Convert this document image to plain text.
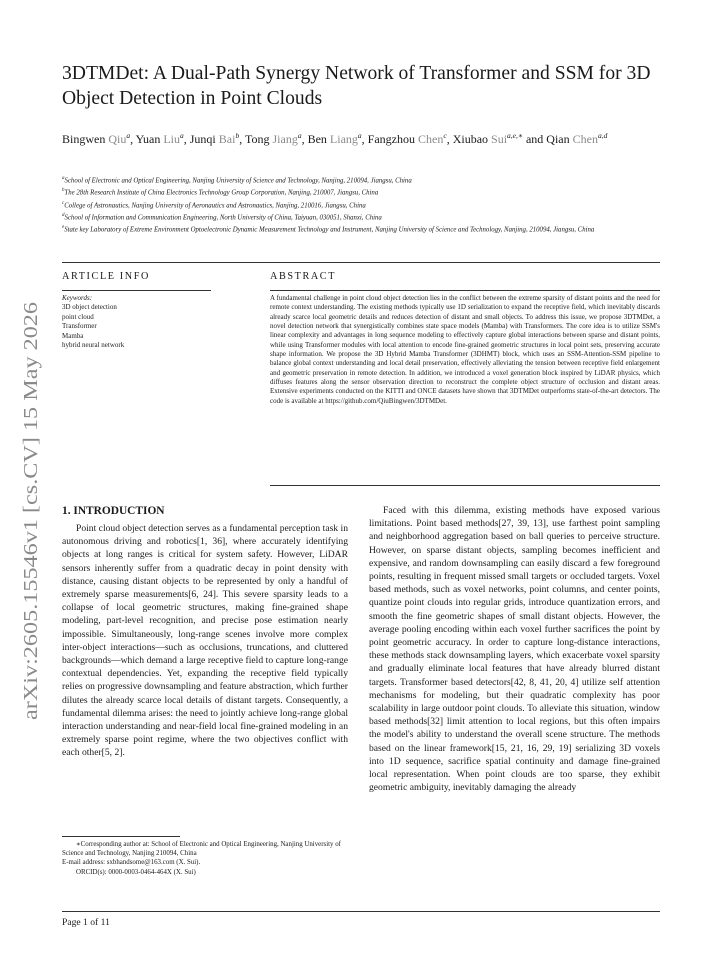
arXiv:2605.15546v1 [cs.CV] 15 May 2026
3DTMDet: A Dual-Path Synergy Network of Transformer and SSM for 3D Object Detection in Point Clouds
Bingwen Qiu$^a$, Yuan Liu$^a$, Junqi Bai$^b$, Tong Jiang$^a$, Ben Liang$^a$, Fangzhou Chen$^c$, Xiubao Sui$^{a,e,∗}$ and Qian Chen$^{a,d}$
$^a$School of Electronic and Optical Engineering, Nanjing University of Science and Technology, Nanjing, 210094, Jiangsu, China
$^b$The 28th Research Institute of China Electronics Technology Group Corporation, Nanjing, 210007, Jiangsu, China
$^c$College of Astronautics, Nanjing University of Aeronautics and Astronautics, Nanjing, 210016, Jiangsu, China
$^d$School of Information and Communication Engineering, North University of China, Taiyuan, 030051, Shanxi, China
$^e$State key Laboratory of Extreme Environment Optoelectronic Dynamic Measurement Technology and Instrument, Nanjing University of Science and Technology, Nanjing, 210094, Jiangsu, China
ARTICLE INFO	ABSTRACT
Keywords:
3D object detection
point cloud
Transformer
Mamba
hybrid neural network
A fundamental challenge in point cloud object detection lies in the conflict between the extreme sparsity of distant points and the need for remote context understanding. The existing methods typically use 1D serialization to expand the receptive field, which inevitably discards already scarce local geometric details and reduces detection of distant and small objects. To address this issue, we propose 3DTMDet, a novel detection network that synergistically combines state space models (Mamba) with Transformers. The core idea is to utilize SSM's linear complexity and advantages in long sequence modeling to effectively capture global interactions between sparse and distant points, while using Transformer modules with local attention to encode fine-grained geometric structures in local point sets, preserving accurate shape information. We propose the 3D Hybrid Mamba Transformer (3DHMT) block, which uses an SSM-Attention-SSM pipeline to balance global context understanding and local detail preservation, effectively alleviating the tension between receptive field enlargement and geometric preservation in remote detection. In addition, we introduced a voxel generation block inspired by LiDAR physics, which diffuses features along the sensor observation direction to reconstruct the complete object structure of occlusion and distant areas. Extensive experiments conducted on the KITTI and ONCE datasets have shown that 3DTMDet outperforms state-of-the-art detectors. The code is available at https://github.com/QiuBingwen/3DTMDet.
1. INTRODUCTION

Point cloud object detection serves as a fundamental perception task in autonomous driving and robotics[1, 36], where accurately identifying objects at long ranges is critical for system safety. However, LiDAR sensors inherently suffer from a quadratic decay in point density with distance, causing distant objects to be represented by only a handful of extremely sparse measurements[6, 24]. This severe sparsity leads to a collapse of local geometric structures, making fine-grained shape modeling, part-level recognition, and precise pose estimation nearly impossible. Simultaneously, long-range scenes involve more complex inter-object interactions—such as occlusions, truncations, and cluttered backgrounds—which demand a large receptive field to capture long-range contextual dependencies. Yet, expanding the receptive field typically relies on progressive downsampling and feature abstraction, which further dilutes the already scarce local details of distant targets. Consequently, a fundamental dilemma arises: the need to jointly achieve long-range global interaction understanding and near-field local fine-grained modeling in an extremely sparse point regime, where the two objectives conflict with each other[5, 2].

∗Corresponding author at: School of Electronic and Optical Engineering, Nanjing University of Science and Technology, Nanjing 210094, China

E-mail address: sxbhandsome@163.com (X. Sui).

ORCID(s): 0000-0003-0464-464X (X. Sui)

Faced with this dilemma, existing methods have exposed various limitations. Point based methods[27, 39, 13], use farthest point sampling and neighborhood aggregation based on ball queries to perceive structure. However, on sparse distant objects, sampling becomes inefficient and expensive, and random downsampling can easily discard a few foreground points, resulting in frequent missed small targets or occluded targets. Voxel based methods, such as voxel networks, point columns, and center points, quantize point clouds into regular grids, introduce quantization errors, and smooth the fine geometric shapes of small distant objects. However, the average pooling encoding within each voxel further sacrifices the point by point geometric accuracy. In order to capture long-distance interactions, these methods stack downsampling layers, which exacerbate voxel sparsity and gradually eliminate local features that have already blurred distant targets. Transformer based detectors[42, 8, 41, 20, 4] utilize self attention mechanisms for modeling, but their quadratic complexity has poor scalability in large outdoor point clouds. To alleviate this situation, window based methods[32] limit attention to local regions, but this often impairs the model's ability to understand the overall scene structure. The methods based on the linear framework[15, 21, 16, 29, 19] serializing 3D voxels into 1D sequence, sacrifice spatial continuity and damage fine-grained local representation. When point clouds are too sparse, they exhibit geometric ambiguity, inevitably damaging the already

Page 1 of 11
